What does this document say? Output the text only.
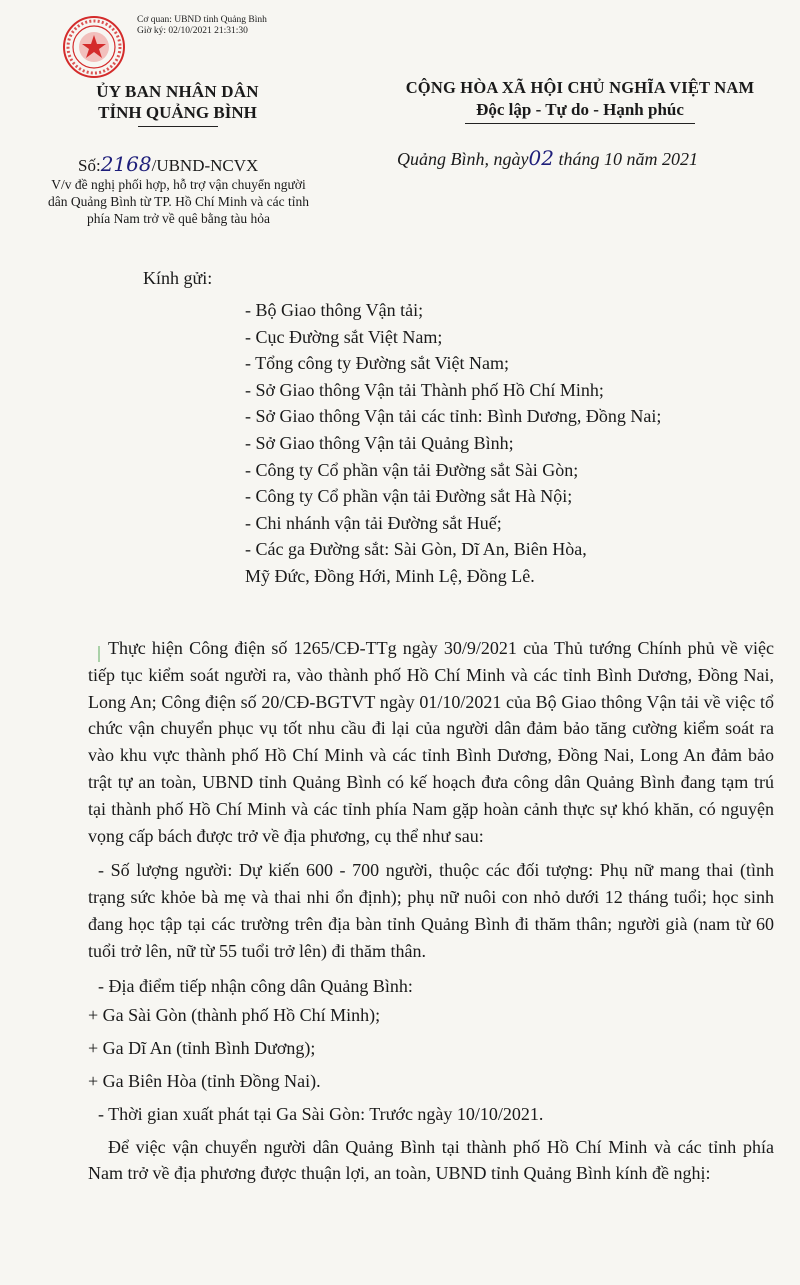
Cơ quan: UBND tỉnh Quảng Bình
Giờ ký: 02/10/2021 21:31:30
ỦY BAN NHÂN DÂN
TỈNH QUẢNG BÌNH
Số:2168/UBND-NCVX
V/v đề nghị phối hợp, hỗ trợ vận chuyển người dân Quảng Bình từ TP. Hồ Chí Minh và các tỉnh phía Nam trở về quê bằng tàu hỏa
CỘNG HÒA XÃ HỘI CHỦ NGHĨA VIỆT NAM
Độc lập - Tự do - Hạnh phúc
Quảng Bình, ngày02 tháng 10 năm 2021
Kính gửi:
- Bộ Giao thông Vận tải;
- Cục Đường sắt Việt Nam;
- Tổng công ty Đường sắt Việt Nam;
- Sở Giao thông Vận tải Thành phố Hồ Chí Minh;
- Sở Giao thông Vận tải các tỉnh: Bình Dương, Đồng Nai;
- Sở Giao thông Vận tải Quảng Bình;
- Công ty Cổ phần vận tải Đường sắt Sài Gòn;
- Công ty Cổ phần vận tải Đường sắt Hà Nội;
- Chi nhánh vận tải Đường sắt Huế;
- Các ga Đường sắt: Sài Gòn, Dĩ An, Biên Hòa,
Mỹ Đức, Đồng Hới, Minh Lệ, Đồng Lê.

Thực hiện Công điện số 1265/CĐ-TTg ngày 30/9/2021 của Thủ tướng Chính phủ về việc tiếp tục kiểm soát người ra, vào thành phố Hồ Chí Minh và các tỉnh Bình Dương, Đồng Nai, Long An; Công điện số 20/CĐ-BGTVT ngày 01/10/2021 của Bộ Giao thông Vận tải về việc tổ chức vận chuyển phục vụ tốt nhu cầu đi lại của người dân đảm bảo tăng cường kiểm soát ra vào khu vực thành phố Hồ Chí Minh và các tỉnh Bình Dương, Đồng Nai, Long An đảm bảo trật tự an toàn, UBND tỉnh Quảng Bình có kế hoạch đưa công dân Quảng Bình đang tạm trú tại thành phố Hồ Chí Minh và các tỉnh phía Nam gặp hoàn cảnh thực sự khó khăn, có nguyện vọng cấp bách được trở về địa phương, cụ thể như sau:

- Số lượng người: Dự kiến 600 - 700 người, thuộc các đối tượng: Phụ nữ mang thai (tình trạng sức khỏe bà mẹ và thai nhi ổn định); phụ nữ nuôi con nhỏ dưới 12 tháng tuổi; học sinh đang học tập tại các trường trên địa bàn tỉnh Quảng Bình đi thăm thân; người già (nam từ 60 tuổi trở lên, nữ từ 55 tuổi trở lên) đi thăm thân.

- Địa điểm tiếp nhận công dân Quảng Bình:

+ Ga Sài Gòn (thành phố Hồ Chí Minh);

+ Ga Dĩ An (tỉnh Bình Dương);

+ Ga Biên Hòa (tỉnh Đồng Nai).

- Thời gian xuất phát tại Ga Sài Gòn: Trước ngày 10/10/2021.

Để việc vận chuyển người dân Quảng Bình tại thành phố Hồ Chí Minh và các tỉnh phía Nam trở về địa phương được thuận lợi, an toàn, UBND tỉnh Quảng Bình kính đề nghị:
